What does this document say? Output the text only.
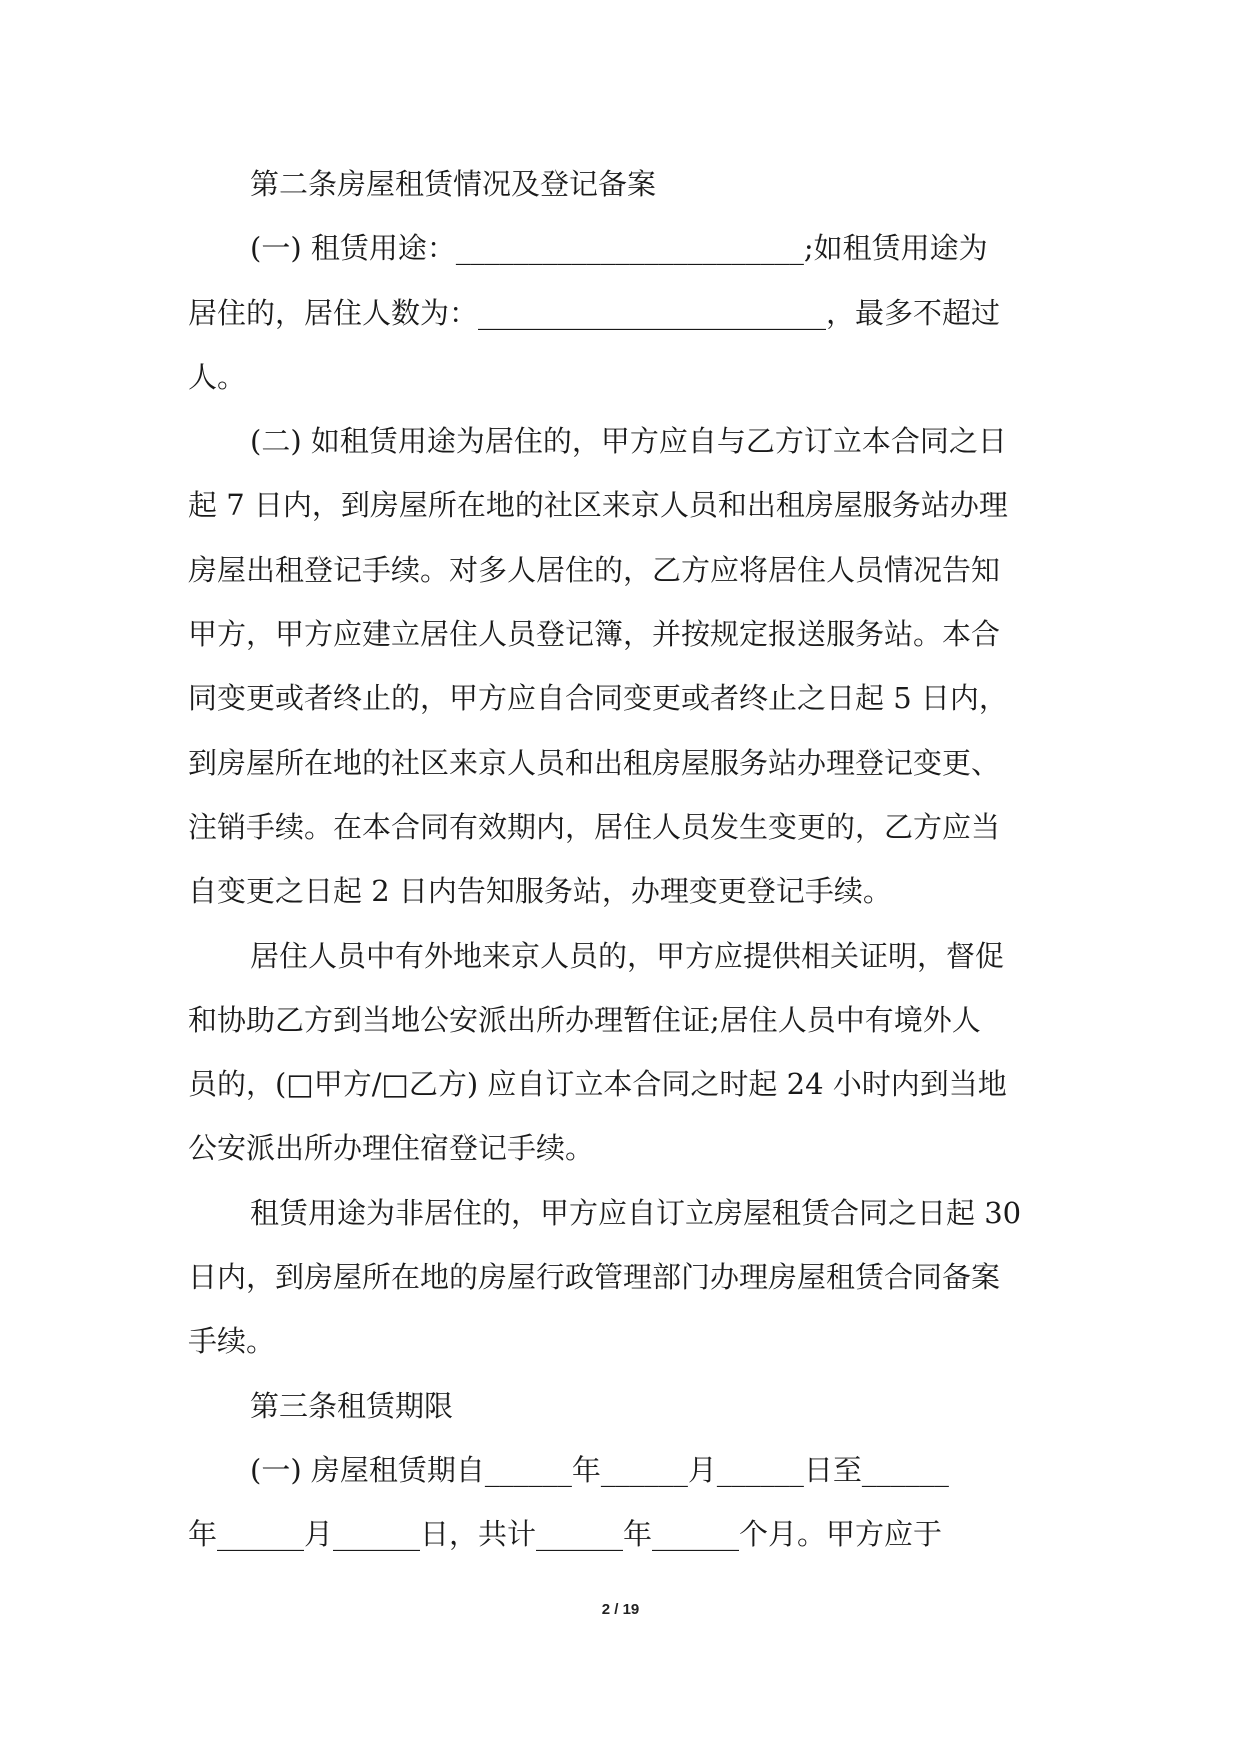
第二条房屋租赁情况及登记备案
(一) 租赁用途：________________________;如租赁用途为
居住的，居住人数为：________________________，最多不超过
人。
(二) 如租赁用途为居住的，甲方应自与乙方订立本合同之日
起 7 日内，到房屋所在地的社区来京人员和出租房屋服务站办理
房屋出租登记手续。对多人居住的，乙方应将居住人员情况告知
甲方，甲方应建立居住人员登记簿，并按规定报送服务站。本合
同变更或者终止的，甲方应自合同变更或者终止之日起 5 日内，
到房屋所在地的社区来京人员和出租房屋服务站办理登记变更、
注销手续。在本合同有效期内，居住人员发生变更的，乙方应当
自变更之日起 2 日内告知服务站，办理变更登记手续。
居住人员中有外地来京人员的，甲方应提供相关证明，督促
和协助乙方到当地公安派出所办理暂住证;居住人员中有境外人
员的，(□甲方/□乙方) 应自订立本合同之时起 24 小时内到当地
公安派出所办理住宿登记手续。
租赁用途为非居住的，甲方应自订立房屋租赁合同之日起 30
日内，到房屋所在地的房屋行政管理部门办理房屋租赁合同备案
手续。
第三条租赁期限
(一) 房屋租赁期自______年______月______日至______
年______月______日，共计______年______个月。甲方应于
2 / 19
